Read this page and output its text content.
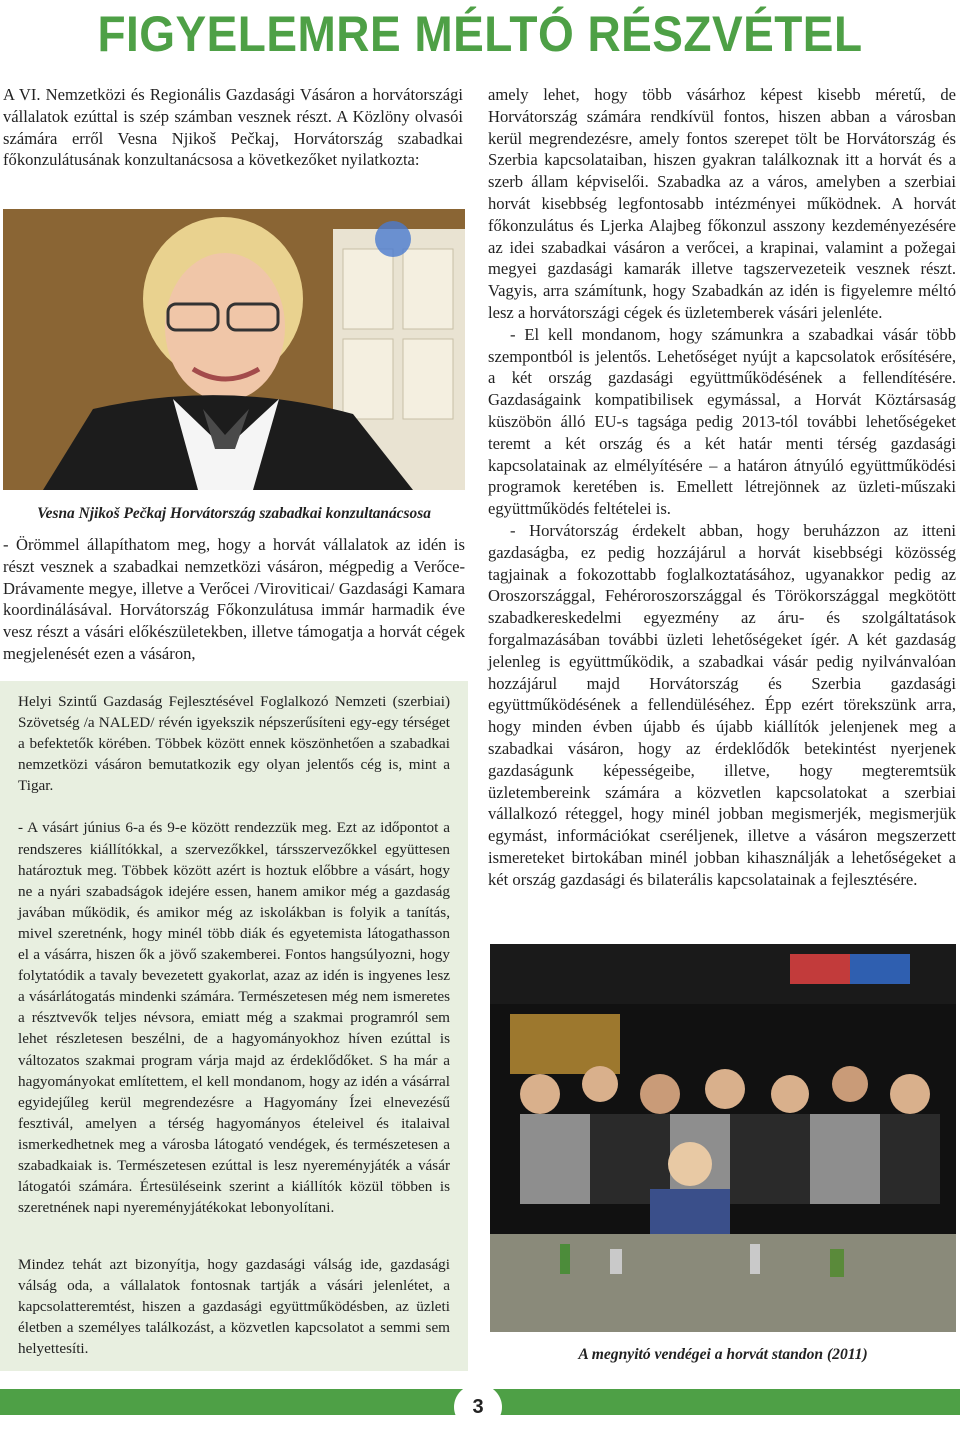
FIGYELEMRE MÉLTÓ RÉSZVÉTEL

A VI. Nemzetközi és Regionális Gazdasági Vásáron a horvátországi vállalatok ezúttal is szép számban vesznek részt. A Közlöny olvasói számára erről Vesna Njikoš Pečkaj, Horvátország szabadkai főkonzulátusának konzultanácsosa a következőket nyilatkozta:

Vesna Njikoš Pečkaj Horvátország szabadkai konzultanácsosa

- Örömmel állapíthatom meg, hogy a horvát vállalatok az idén is részt vesznek a szabadkai nemzetközi vásáron, mégpedig a Verőce-Drávamente megye, illetve a Verőcei /Viroviticai/ Gazdasági Kamara koordinálásával. Horvátország Főkonzulátusa immár harmadik éve vesz részt a vásári előkészületekben, illetve támogatja a horvát cégek megjelenését ezen a vásáron,

Helyi Szintű Gazdaság Fejlesztésével Foglalkozó Nemzeti (szerbiai) Szövetség /a NALED/ révén igyekszik népszerűsíteni egy-egy térséget a befektetők körében. Többek között ennek köszönhetően a szabadkai nemzetközi vásáron bemutatkozik egy olyan jelentős cég is, mint a Tigar.

- A vásárt június 6-a és 9-e között rendezzük meg. Ezt az időpontot a rendszeres kiállítókkal, a szervezőkkel, társszervezőkkel együttesen határoztuk meg. Többek között azért is hoztuk előbbre a vásárt, hogy ne a nyári szabadságok idejére essen, hanem amikor még a gazdaság javában működik, és amikor még az iskolákban is folyik a tanítás, mivel szeretnénk, hogy minél több diák és egyetemista látogathasson el a vásárra, hiszen ők a jövő szakemberei. Fontos hangsúlyozni, hogy folytatódik a tavaly bevezetett gyakorlat, azaz az idén is ingyenes lesz a vásárlátogatás mindenki számára. Természetesen még nem ismeretes a résztvevők teljes névsora, emiatt még a szakmai programról sem lehet részletesen beszélni, de a hagyományokhoz híven ezúttal is változatos szakmai program várja majd az érdeklődőket. S ha már a hagyományokat említettem, el kell mondanom, hogy az idén a vásárral egyidejűleg kerül megrendezésre a Hagyomány Ízei elnevezésű fesztivál, amelyen a térség hagyományos ételeivel és italaival ismerkedhetnek meg a városba látogató vendégek, és természetesen a szabadkaiak is. Természetesen ezúttal is lesz nyereményjáték a vásár látogatói számára. Értesüléseink szerint a kiállítók közül többen is szeretnének napi nyereményjátékokat lebonyolítani.

Mindez tehát azt bizonyítja, hogy gazdasági válság ide, gazdasági válság oda, a vállalatok fontosnak tartják a vásári jelenlétet, a kapcsolatteremtést, hiszen a gazdasági együttműködésben, az üzleti életben a személyes találkozást, a közvetlen kapcsolatot a semmi sem helyettesíti.

amely lehet, hogy több vásárhoz képest kisebb méretű, de Horvátország számára rendkívül fontos, hiszen abban a városban kerül megrendezésre, amely fontos szerepet tölt be Horvátország és Szerbia kapcsolataiban, hiszen gyakran találkoznak itt a horvát és a szerb állam képviselői. Szabadka az a város, amelyben a szerbiai horvát kisebbség legfontosabb intézményei működnek. A horvát főkonzulátus és Ljerka Alajbeg főkonzul asszony kezdeményezésére az idei szabadkai vásáron a verőcei, a krapinai, valamint a požegai megyei gazdasági kamarák illetve tagszervezeteik vesznek részt. Vagyis, arra számítunk, hogy Szabadkán az idén is figyelemre méltó lesz a horvátországi cégek és üzletemberek vásári jelenléte.

- El kell mondanom, hogy számunkra a szabadkai vásár több szempontból is jelentős. Lehetőséget nyújt a kapcsolatok erősítésére, a két ország gazdasági együttműködésének a fellendítésére. Gazdaságaink kompatibilisek egymással, a Horvát Köztársaság küszöbön álló EU-s tagsága pedig 2013-tól további lehetőségeket teremt a két ország és a két határ menti térség gazdasági kapcsolatainak az elmélyítésére – a határon átnyúló együttműködési programok keretében is. Emellett létrejönnek az üzleti-műszaki együttműködés feltételei is.

- Horvátország érdekelt abban, hogy beruházzon az itteni gazdaságba, ez pedig hozzájárul a horvát kisebbségi közösség tagjainak a fokozottabb foglalkoztatásához, ugyanakkor pedig az Oroszországgal, Fehéroroszországgal és Törökországgal megkötött szabadkereskedelmi egyezmény az áru- és szolgáltatások forgalmazásában további üzleti lehetőségeket ígér. A két gazdaság jelenleg is együttműködik, a szabadkai vásár pedig nyilvánvalóan hozzájárul majd Horvátország és Szerbia gazdasági együttműködésének a fellendüléséhez. Épp ezért törekszünk arra, hogy minden évben újabb és újabb kiállítók jelenjenek meg a szabadkai vásáron, hogy az érdeklődők betekintést nyerjenek gazdaságunk képességeibe, illetve, hogy megteremtsük üzletembereink számára a közvetlen kapcsolatokat a szerbiai vállalkozó réteggel, hogy minél jobban megismerjék, megismerjük egymást, információkat cseréljenek, illetve a vásáron megszerzett ismereteket birtokában minél jobban kihasználják a lehetőségeket a két ország gazdasági és bilaterális kapcsolatainak a fejlesztésére.

A megnyitó vendégei a horvát standon (2011)
3
